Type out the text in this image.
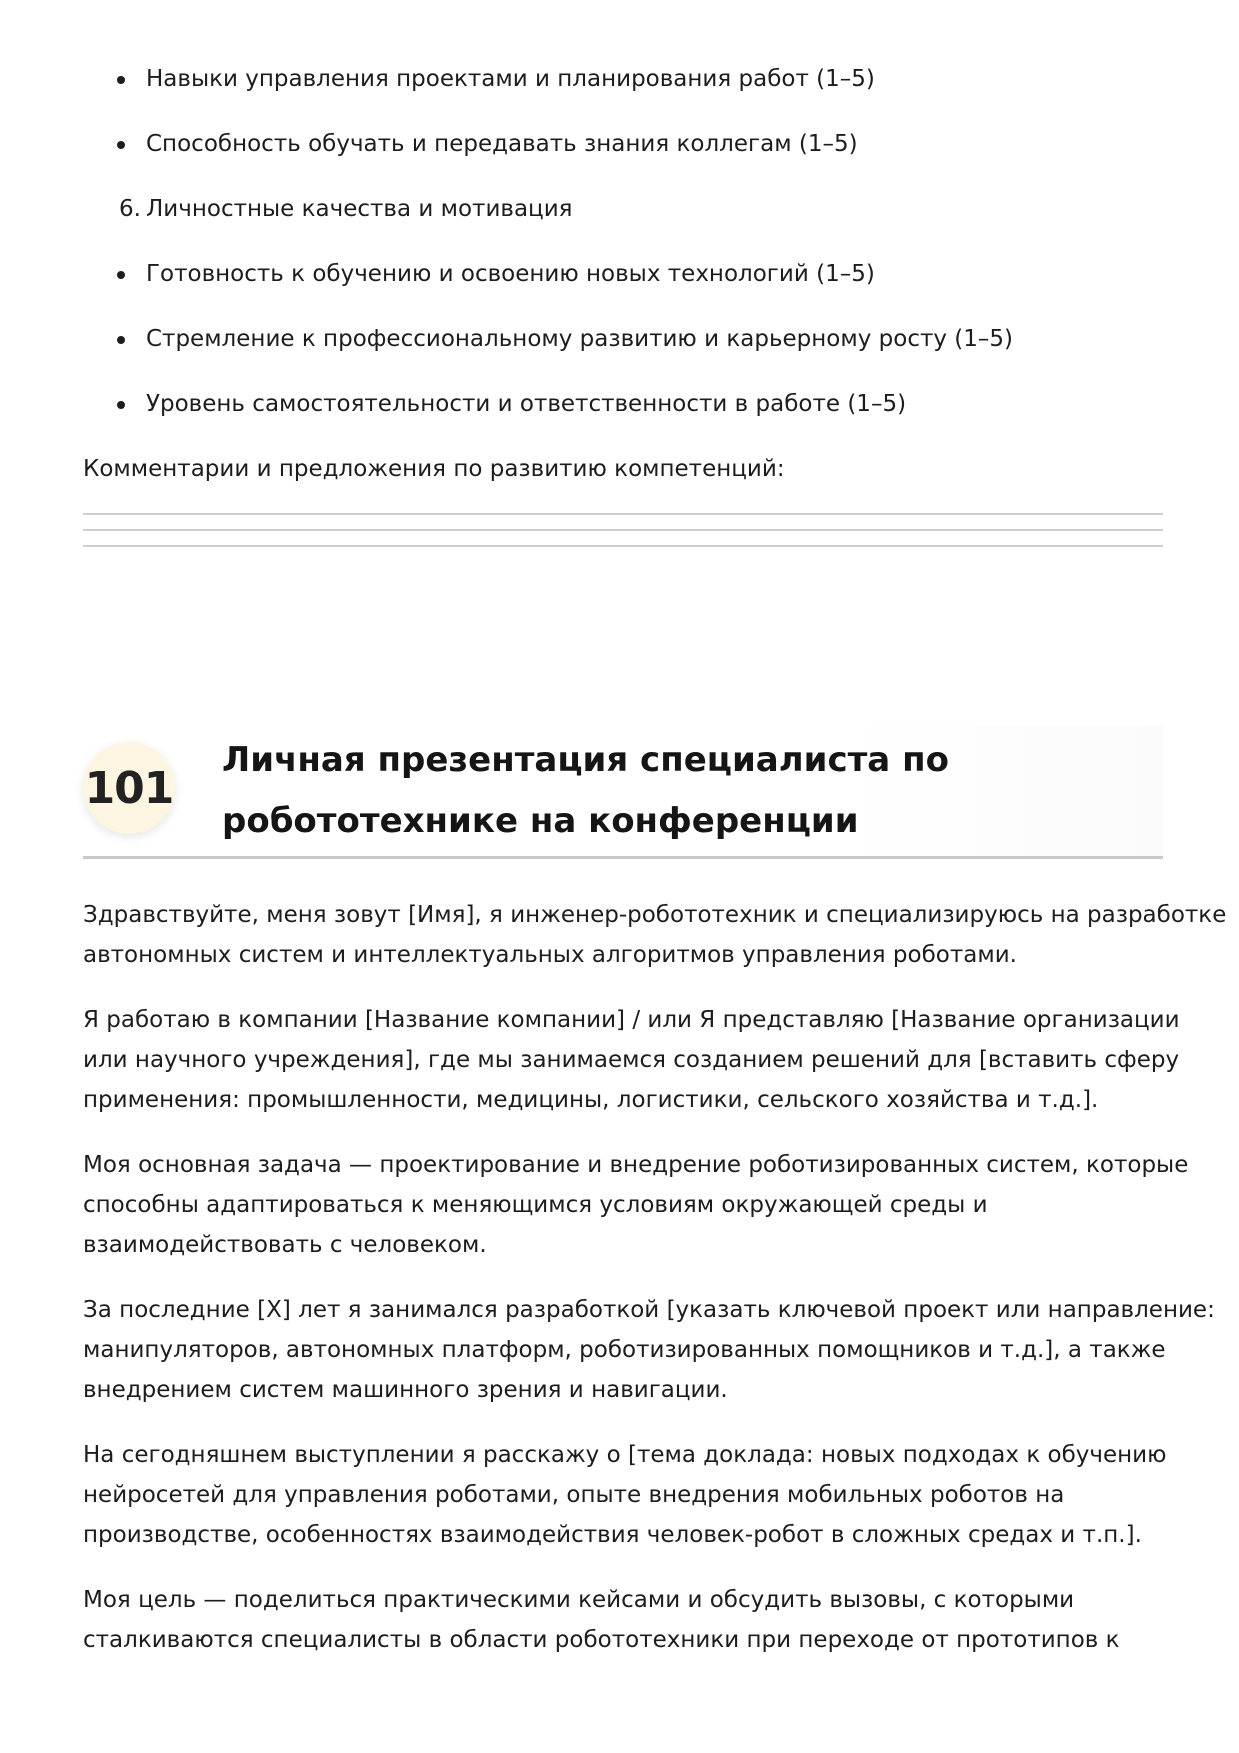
Навыки управления проектами и планирования работ (1–5)
Способность обучать и передавать знания коллегам (1–5)
6. Личностные качества и мотивация
Готовность к обучению и освоению новых технологий (1–5)
Стремление к профессиональному развитию и карьерному росту (1–5)
Уровень самостоятельности и ответственности в работе (1–5)
Комментарии и предложения по развитию компетенций:
101
Личная презентация специалиста по
робототехнике на конференции

Здравствуйте, меня зовут [Имя], я инженер-робототехник и специализируюсь на разработке
автономных систем и интеллектуальных алгоритмов управления роботами.

Я работаю в компании [Название компании] / или Я представляю [Название организации
или научного учреждения], где мы занимаемся созданием решений для [вставить сферу
применения: промышленности, медицины, логистики, сельского хозяйства и т.д.].

Моя основная задача — проектирование и внедрение роботизированных систем, которые
способны адаптироваться к меняющимся условиям окружающей среды и
взаимодействовать с человеком.

За последние [X] лет я занимался разработкой [указать ключевой проект или направление:
манипуляторов, автономных платформ, роботизированных помощников и т.д.], а также
внедрением систем машинного зрения и навигации.

На сегодняшнем выступлении я расскажу о [тема доклада: новых подходах к обучению
нейросетей для управления роботами, опыте внедрения мобильных роботов на
производстве, особенностях взаимодействия человек-робот в сложных средах и т.п.].

Моя цель — поделиться практическими кейсами и обсудить вызовы, с которыми
сталкиваются специалисты в области робототехники при переходе от прототипов к
